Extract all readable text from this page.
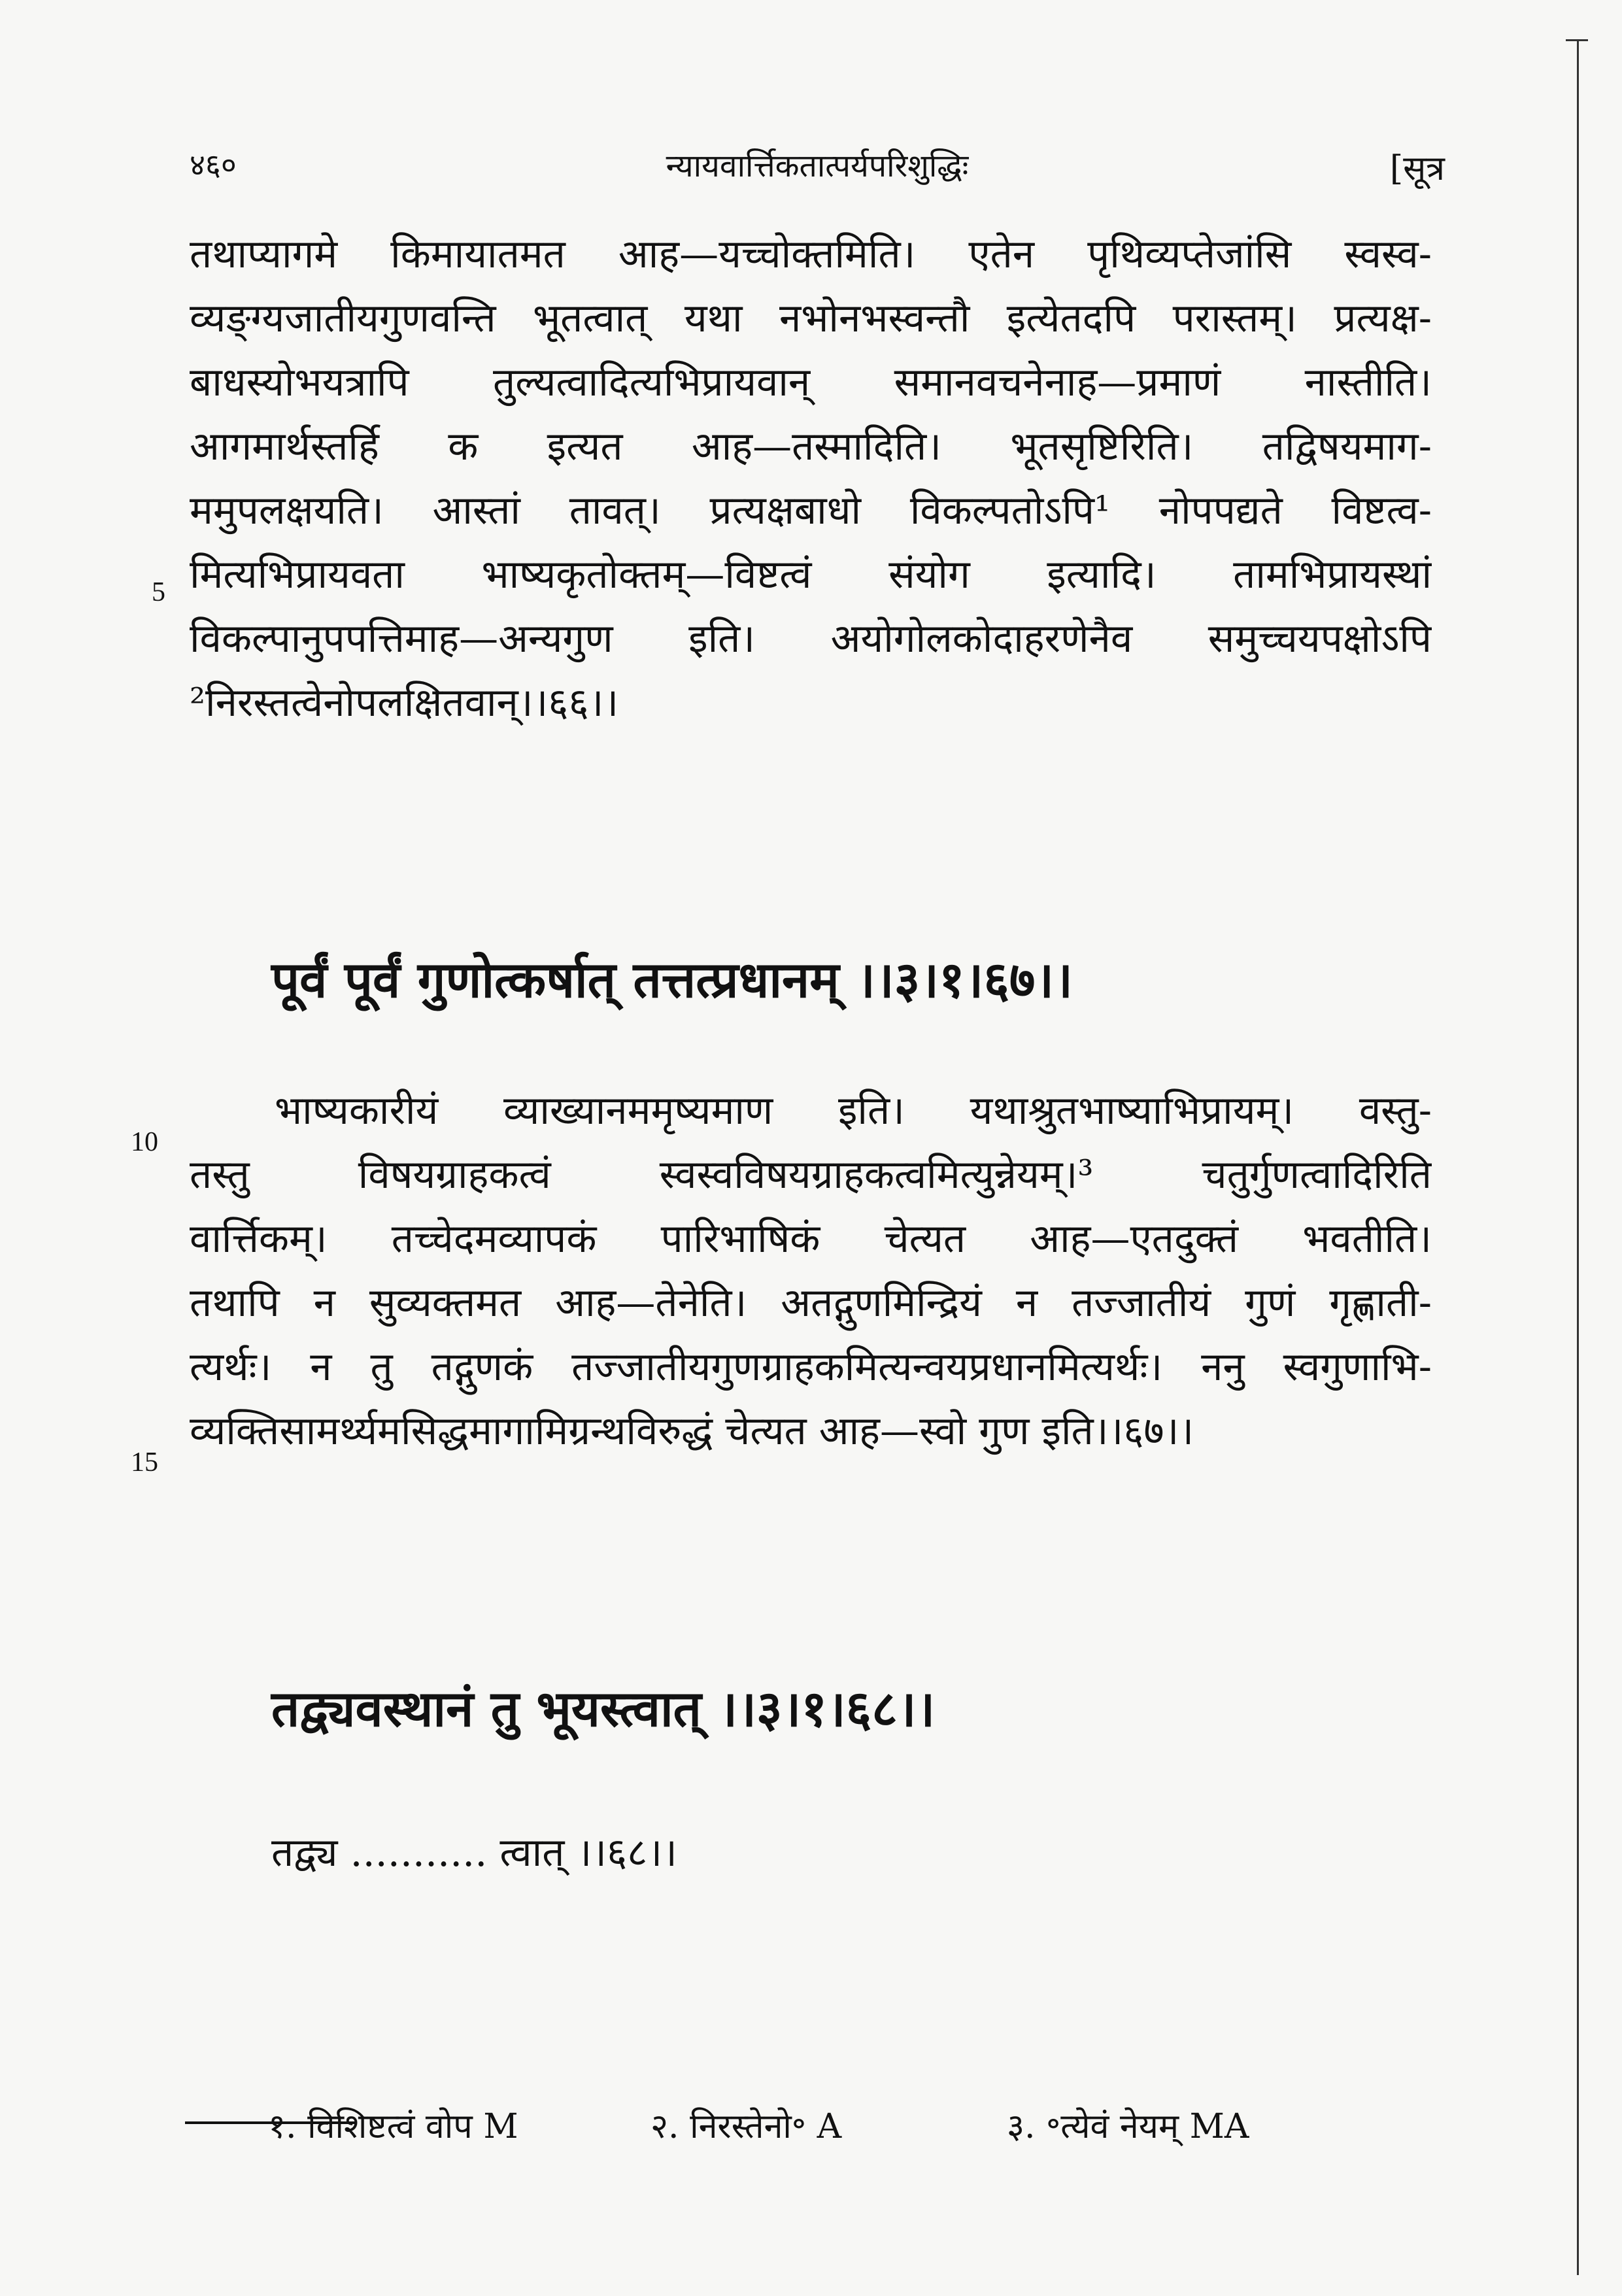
४६०	न्यायवार्त्तिकतात्पर्यपरिशुद्धिः	[सूत्र
तथाप्यागमे किमायातमत आह—यच्चोक्तमिति। एतेन पृथिव्यप्तेजांसि स्वस्व-
व्यङ्ग्यजातीयगुणवन्ति भूतत्वात् यथा नभोनभस्वन्तौ इत्येतदपि परास्तम्। प्रत्यक्ष-
बाधस्योभयत्रापि तुल्यत्वादित्यभिप्रायवान् समानवचनेनाह—प्रमाणं नास्तीति।
आगमार्थस्तर्हि क इत्यत आह—तस्मादिति। भूतसृष्टिरिति। तद्विषयमाग-
ममुपलक्षयति। आस्तां तावत्। प्रत्यक्षबाधो विकल्पतोऽपि¹ नोपपद्यते विष्टत्व-
मित्यभिप्रायवता भाष्यकृतोक्तम्—विष्टत्वं संयोग इत्यादि। तामभिप्रायस्थां
विकल्पानुपपत्तिमाह—अन्यगुण इति। अयोगोलकोदाहरणेनैव समुच्चयपक्षोऽपि
²निरस्तत्वेनोपलक्षितवान्।।६६।।
5
पूर्वं पूर्वं गुणोत्कर्षात् तत्तत्प्रधानम् ।।३।१।६७।।
भाष्यकारीयं व्याख्यानममृष्यमाण इति। यथाश्रुतभाष्याभिप्रायम्। वस्तु-
तस्तु विषयग्राहकत्वं स्वस्वविषयग्राहकत्वमित्युन्नेयम्।³ चतुर्गुणत्वादिरिति
वार्त्तिकम्। तच्चेदमव्यापकं पारिभाषिकं चेत्यत आह—एतदुक्तं भवतीति।
तथापि न सुव्यक्तमत आह—तेनेति। अतद्गुणमिन्द्रियं न तज्जातीयं गुणं गृह्णाती-
त्यर्थः। न तु तद्गुणकं तज्जातीयगुणग्राहकमित्यन्वयप्रधानमित्यर्थः। ननु स्वगुणाभि-
व्यक्तिसामर्थ्यमसिद्धमागामिग्रन्थविरुद्धं चेत्यत आह—स्वो गुण इति।।६७।।
10
15
तद्व्यवस्थानं तु भूयस्त्वात् ।।३।१।६८।।
तद्व्य ........... त्वात् ।।६८।।
१. विशिष्टत्वं वोप M	२. निरस्तेनो॰ A	३. ॰त्येवं नेयम् MA
